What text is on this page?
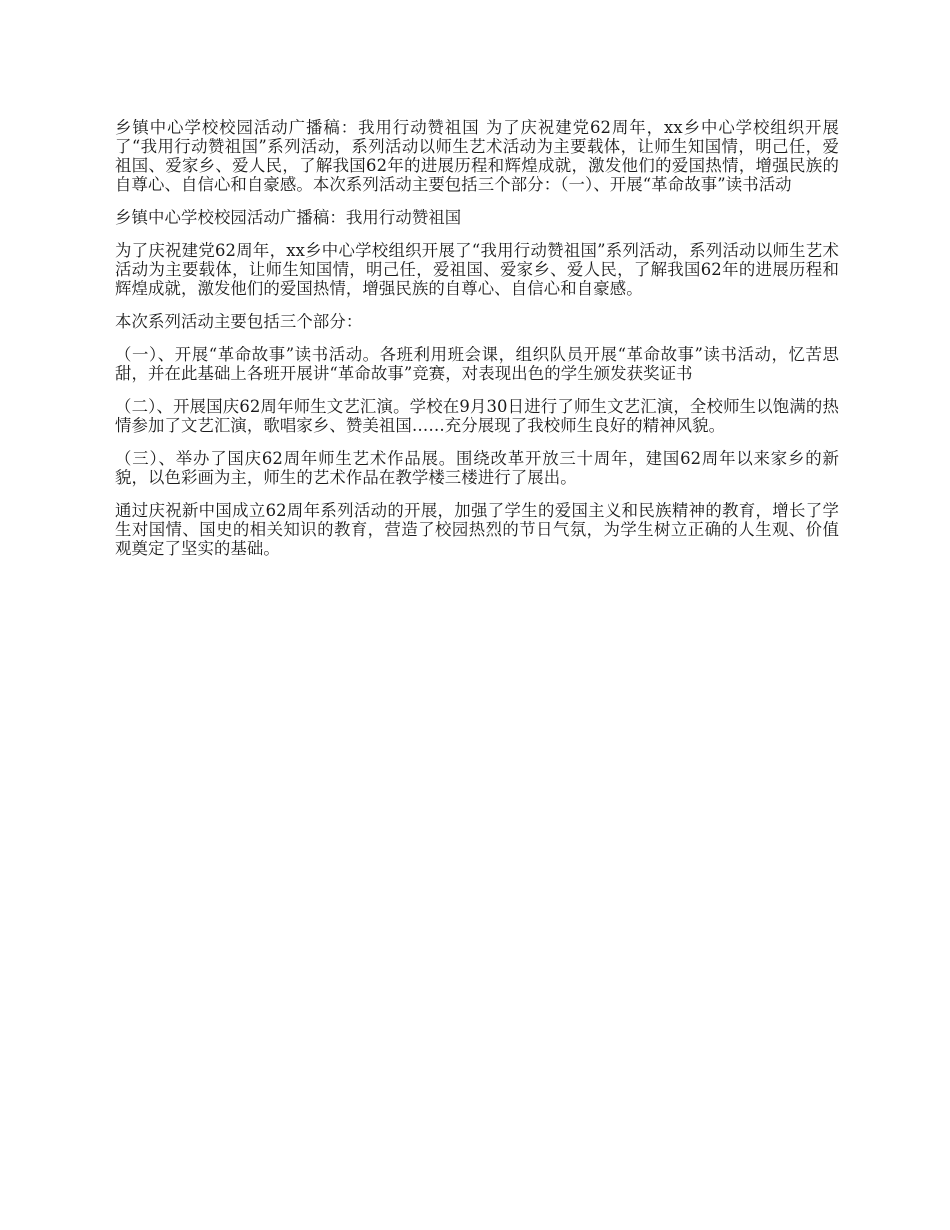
乡镇中心学校校园活动广播稿：我用行动赞祖国 为了庆祝建党62周年，xx乡中心学校组织开展了“我用行动赞祖国”系列活动，系列活动以师生艺术活动为主要载体，让师生知国情，明己任，爱祖国、爱家乡、爱人民，了解我国62年的进展历程和辉煌成就，激发他们的爱国热情，增强民族的自尊心、自信心和自豪感。本次系列活动主要包括三个部分：（一）、开展“革命故事”读书活动

乡镇中心学校校园活动广播稿：我用行动赞祖国

为了庆祝建党62周年，xx乡中心学校组织开展了“我用行动赞祖国”系列活动，系列活动以师生艺术活动为主要载体，让师生知国情，明己任，爱祖国、爱家乡、爱人民，了解我国62年的进展历程和辉煌成就，激发他们的爱国热情，增强民族的自尊心、自信心和自豪感。

本次系列活动主要包括三个部分：

（一）、开展“革命故事”读书活动。各班利用班会课，组织队员开展“革命故事”读书活动，忆苦思甜，并在此基础上各班开展讲“革命故事”竞赛，对表现出色的学生颁发获奖证书

（二）、开展国庆62周年师生文艺汇演。学校在9月30日进行了师生文艺汇演，全校师生以饱满的热情参加了文艺汇演，歌唱家乡、赞美祖国……充分展现了我校师生良好的精神风貌。

（三）、举办了国庆62周年师生艺术作品展。围绕改革开放三十周年，建国62周年以来家乡的新貌，以色彩画为主，师生的艺术作品在教学楼三楼进行了展出。

通过庆祝新中国成立62周年系列活动的开展，加强了学生的爱国主义和民族精神的教育，增长了学生对国情、国史的相关知识的教育，营造了校园热烈的节日气氛，为学生树立正确的人生观、价值观奠定了坚实的基础。
